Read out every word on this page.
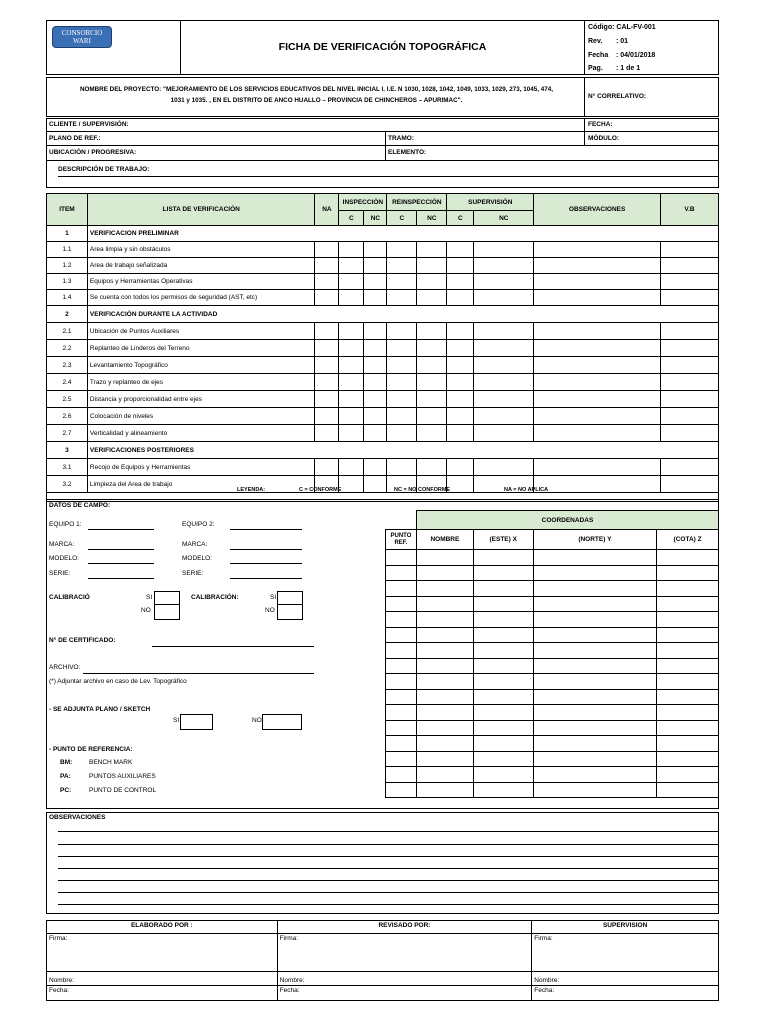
CONSORCIO WARI	FICHA DE VERIFICACIÓN TOPOGRÁFICA
Código: CAL-FV-001
Rev. : 01
Fecha : 04/01/2018
Pag. : 1 de 1
NOMBRE DEL PROYECTO: "MEJORAMIENTO DE LOS SERVICIOS EDUCATIVOS DEL NIVEL INICIAL I. I.E. N 1030, 1028, 1042, 1049, 1033, 1029, 273, 1045, 474,
1031 y 1035. , EN EL DISTRITO DE ANCO HUALLO – PROVINCIA DE CHINCHEROS – APURIMAC".
N° CORRELATIVO:
CLIENTE / SUPERVISIÓN:	FECHA:
PLANO DE REF.:	TRAMO:	MÓDULO:
UBICACIÓN / PROGRESIVA:	ELEMENTO:
DESCRIPCIÓN DE TRABAJO:
ITEM	LISTA DE VERIFICACIÓN	NA	INSPECCIÓN		REINSPECCIÓN		SUPERVISIÓN		OBSERVACIONES	V.B
			C	NC	C	NC	C	NC		
1	VERIFICACION PRELIMINAR									
1.1	Area limpia y sin obstáculos									
1.2	Area de trabajo señalizada									
1.3	Equipos y Herramientas Operativas									
1.4	Se cuenta con todos los permisos de seguridad (AST, etc)									
2	VERIFICACIÓN DURANTE LA ACTIVIDAD									
2.1	Ubicación de Puntos Auxiliares									
2.2	Replanteo de Linderos del Terreno									
2.3	Levantamiento Topográfico									
2.4	Trazo y replanteo de ejes									
2.5	Distancia y proporcionalidad entre ejes									
2.6	Colocación de niveles									
2.7	Verticalidad y alineamiento									
3	VERIFICACIONES POSTERIORES									
3.1	Recojo de Equipos y Herramientas									
3.2	Limpieza del Area de trabajo									

LEYENDA:	C = CONFORME	NC = NO CONFORME	NA = NO APLICA
DATOS DE CAMPO:
EQUIPO 1:	EQUIPO 2:
MARCA:	MARCA:
MODELO:	MODELO:
SERIE:	SERIE:
CALIBRACIÓ	SI
NO
CALIBRACIÓN:	SI
NO
N° DE CERTIFICADO:
ARCHIVO:
(*) Adjuntar archivo en caso de Lev. Topográfico
- SE ADJUNTA PLANO / SKETCH
SI	NO
- PUNTO DE REFERENCIA:
BM:	BENCH MARK
PA:	PUNTOS AUXILIARES
PC:	PUNTO DE CONTROL
	COORDENADAS			
PUNTO REF.	NOMBRE	(ESTE) X	(NORTE) Y	(COTA) Z

OBSERVACIONES
ELABORADO POR :	REVISADO POR:	SUPERVISION
Firma:	Firma:	Firma:
Nombre:	Nombre:	Nombre:
Fecha:	Fecha:	Fecha:
